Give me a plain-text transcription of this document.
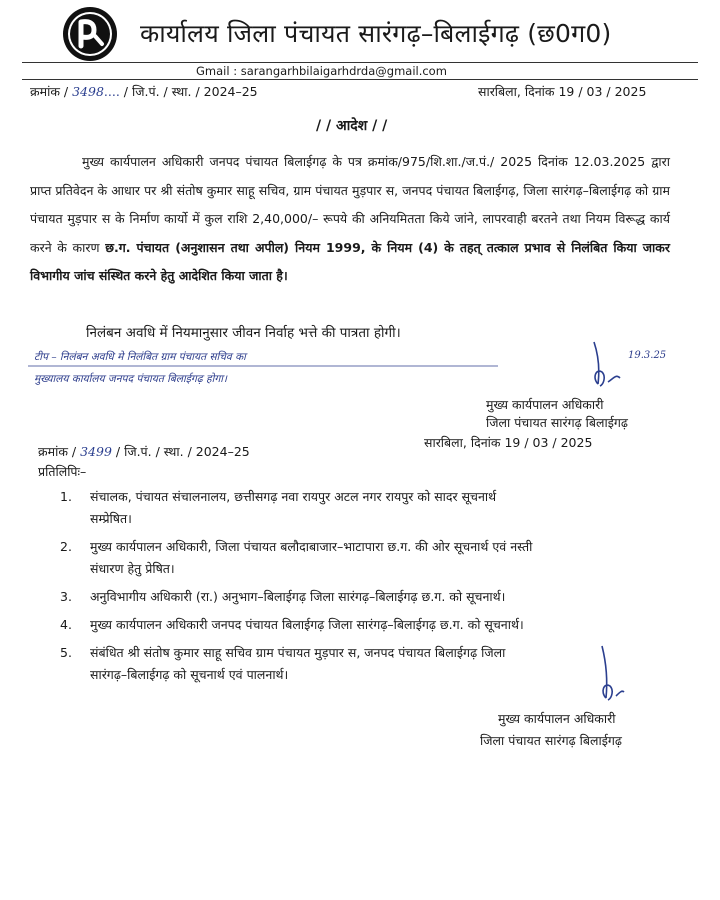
कार्यालय जिला पंचायत सारंगढ़–बिलाईगढ़ (छ0ग0)
Gmail : sarangarhbilaigarhdrda@gmail.com
क्रमांक / 3498.... / जि.पं. / स्था. / 2024–25	सारबिला, दिनांक 19 / 03 / 2025
/ / आदेश / /

मुख्य कार्यपालन अधिकारी जनपद पंचायत बिलाईगढ़ के पत्र क्रमांक/975/शि.शा./ज.पं./ 2025 दिनांक 12.03.2025 द्वारा प्राप्त प्रतिवेदन के आधार पर श्री संतोष कुमार साहू सचिव, ग्राम पंचायत मुड़पार स, जनपद पंचायत बिलाईगढ़, जिला सारंगढ़–बिलाईगढ़ को ग्राम पंचायत मुड़पार स के निर्माण कार्यो में कुल राशि 2,40,000/– रूपये की अनियमितता किये जांने, लापरवाही बरतने तथा नियम विरूद्ध कार्य करने के कारण छ.ग. पंचायत (अनुशासन तथा अपील) नियम 1999, के नियम (4) के तहत् तत्काल प्रभाव से निलंबित किया जाकर विभागीय जांच संस्थित करने हेतु आदेशित किया जाता है।

निलंबन अवधि में नियमानुसार जीवन निर्वाह भत्ते की पात्रता होगी।
टीप – निलंबन अवधि मे निलंबित ग्राम पंचायत सचिव का
मुख्यालय कार्यालय जनपद पंचायत बिलाईगढ़ होगा।
19.3.25
मुख्य कार्यपालन अधिकारी
जिला पंचायत सारंगढ़ बिलाईगढ़
क्रमांक / 3499 / जि.पं. / स्था. / 2024–25
सारबिला, दिनांक 19 / 03 / 2025
प्रतिलिपिः–
1. संचालक, पंचायत संचालनालय, छत्तीसगढ़ नवा रायपुर अटल नगर रायपुर को सादर सूचनार्थ
सम्प्रेषित।
2. मुख्य कार्यपालन अधिकारी, जिला पंचायत बलौदाबाजार–भाटापारा छ.ग. की ओर सूचनार्थ एवं नस्ती
संधारण हेतु प्रेषित।
3. अनुविभागीय अधिकारी (रा.) अनुभाग–बिलाईगढ़ जिला सारंगढ़–बिलाईगढ़ छ.ग. को सूचनार्थ।
4. मुख्य कार्यपालन अधिकारी जनपद पंचायत बिलाईगढ़ जिला सारंगढ़–बिलाईगढ़ छ.ग. को सूचनार्थ।
5. संबंधित श्री संतोष कुमार साहू सचिव ग्राम पंचायत मुड़पार स, जनपद पंचायत बिलाईगढ़ जिला
सारंगढ़–बिलाईगढ़ को सूचनार्थ एवं पालनार्थ।
मुख्य कार्यपालन अधिकारी
जिला पंचायत सारंगढ़ बिलाईगढ़
